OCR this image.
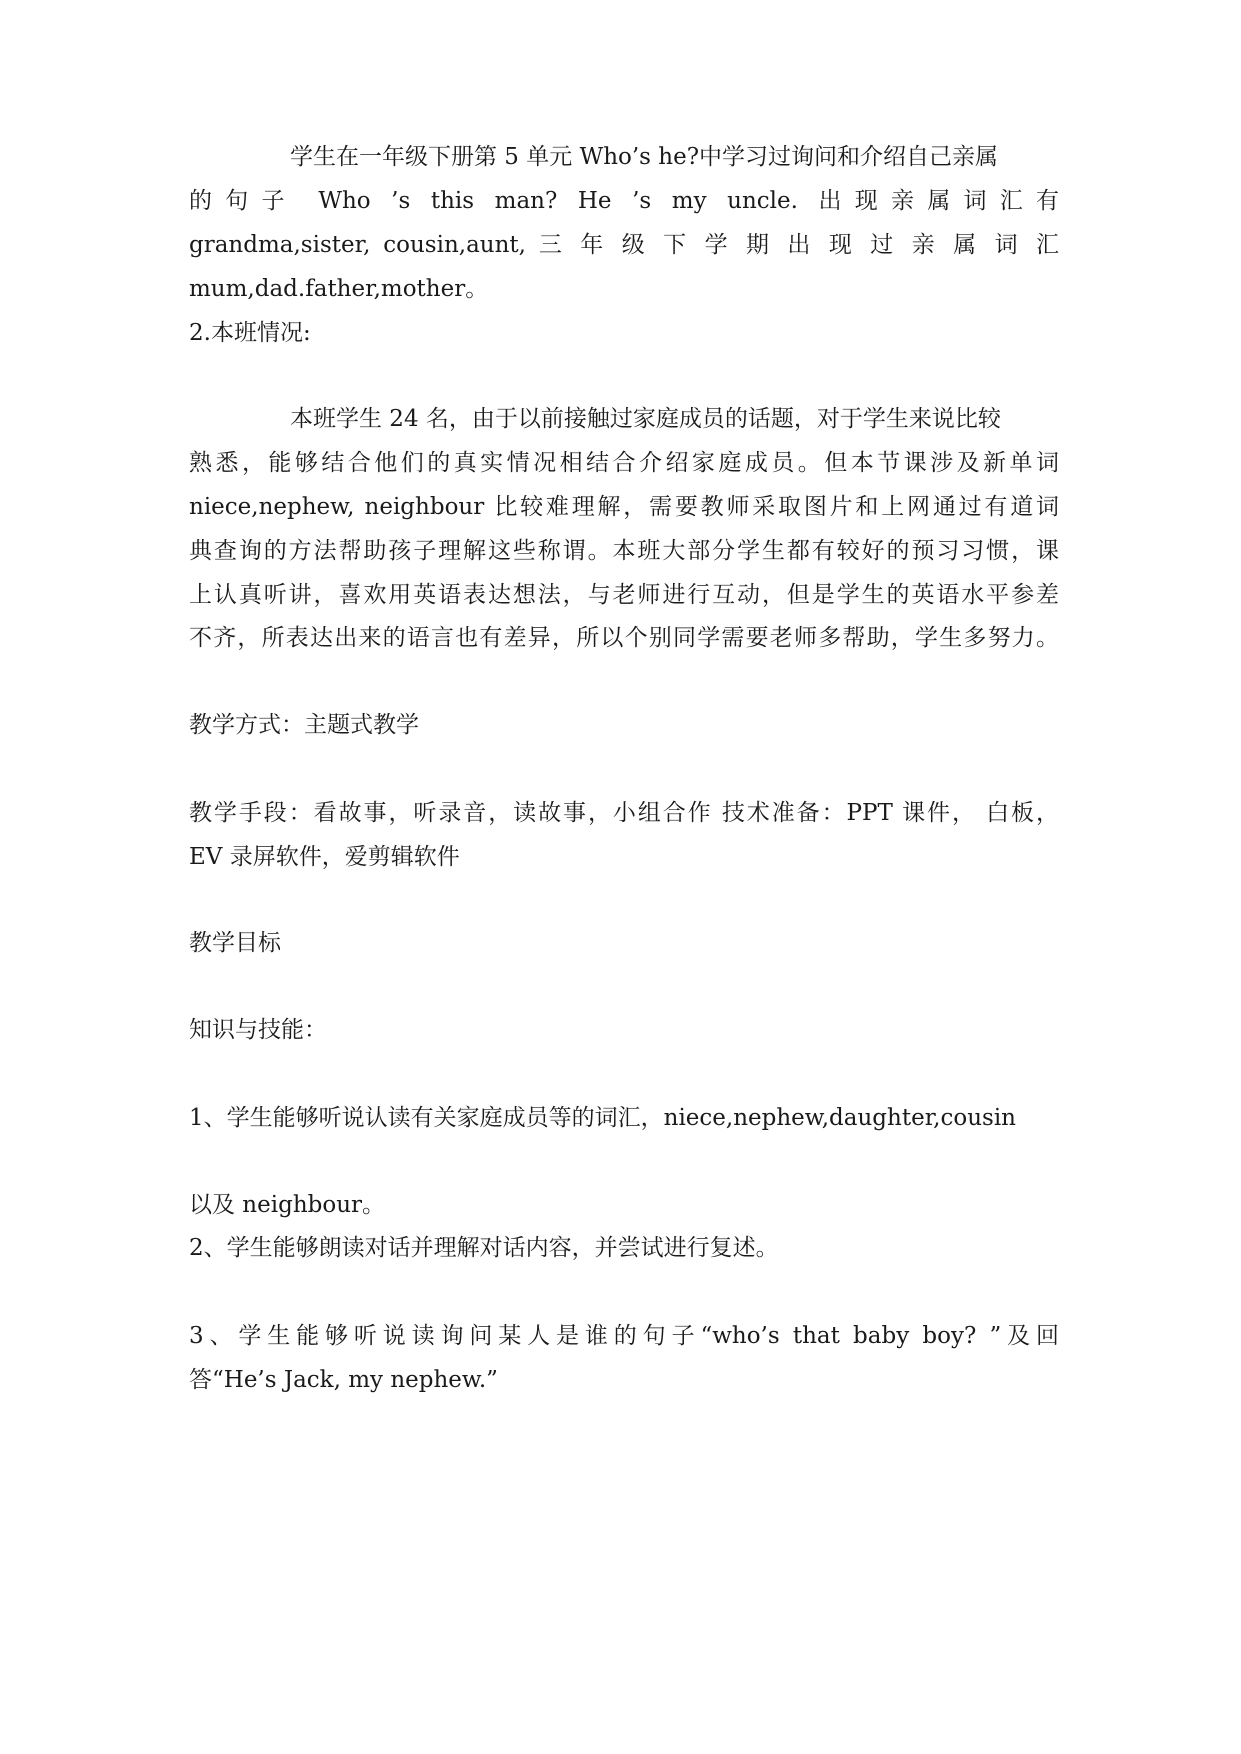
学生在一年级下册第 5 单元 Who’s he?中学习过询问和介绍自己亲属
的句子 Who ’s this man? He ’s my uncle. 出现亲属词汇有
grandma,sister, cousin,aunt, 三 年 级 下 学 期 出 现 过 亲 属 词 汇
mum,dad.father,mother。
2.本班情况:
本班学生 24 名，由于以前接触过家庭成员的话题，对于学生来说比较
熟悉，能够结合他们的真实情况相结合介绍家庭成员。但本节课涉及新单词
niece,nephew, neighbour 比较难理解，需要教师采取图片和上网通过有道词
典查询的方法帮助孩子理解这些称谓。本班大部分学生都有较好的预习习惯，课
上认真听讲，喜欢用英语表达想法，与老师进行互动，但是学生的英语水平参差
不齐，所表达出来的语言也有差异，所以个别同学需要老师多帮助，学生多努力。
教学方式：主题式教学
教学手段：看故事，听录音，读故事，小组合作 技术准备：PPT 课件， 白板，
EV 录屏软件，爱剪辑软件
教学目标
知识与技能：
1、学生能够听说认读有关家庭成员等的词汇，niece,nephew,daughter,cousin
以及 neighbour。
2、学生能够朗读对话并理解对话内容，并尝试进行复述。
3、学生能够听说读询问某人是谁的句子“who’s that baby boy? ”及回
答“He’s Jack, my nephew.”
